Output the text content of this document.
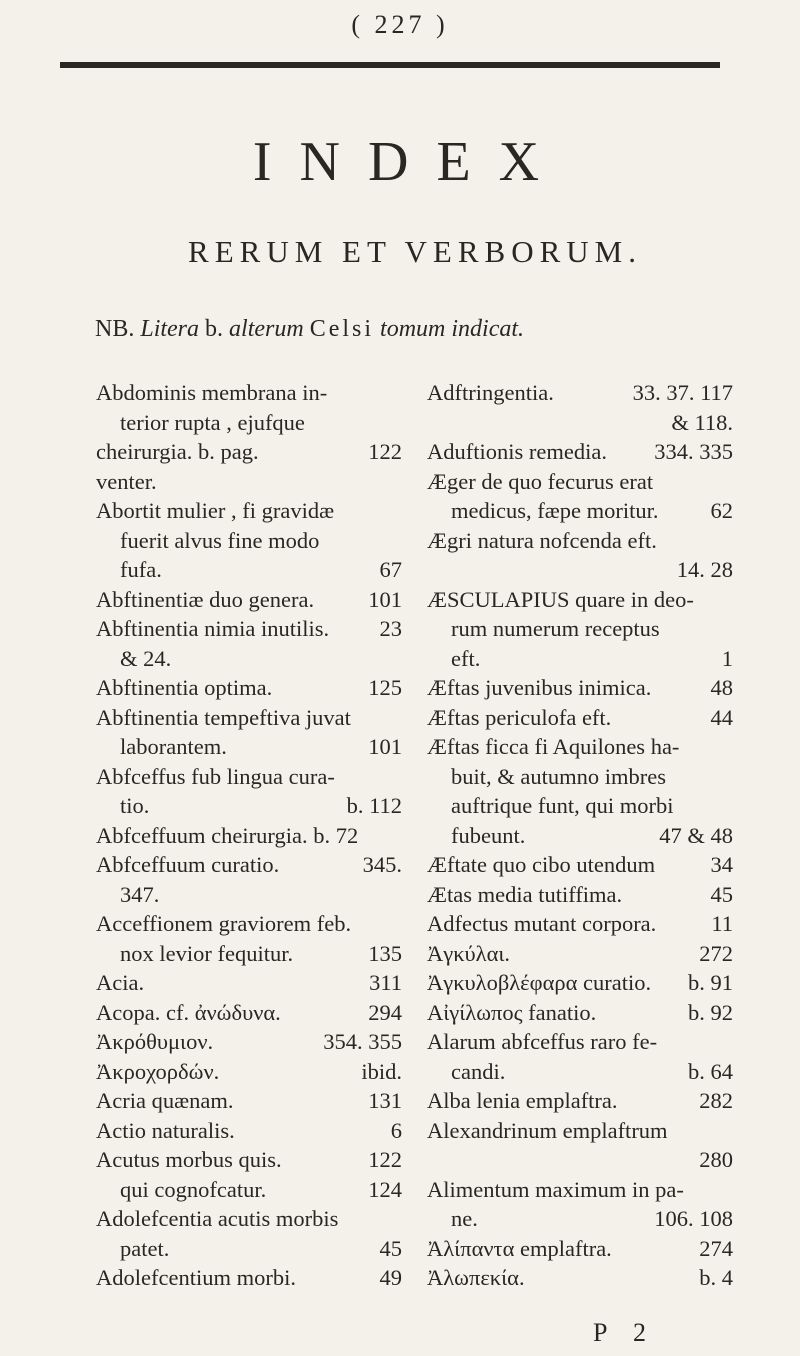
( 227 )
INDEX
RERUM ET VERBORUM.
NB. Litera b. alterum Celsi tomum indicat.
Abdominis membrana in-
terior rupta , ejufque
122
cheirurgia. b. pag.
venter.
Abortit mulier , fi gravidæ
fuerit alvus fine modo
67
fufa.
101
Abftinentiæ duo genera.
23
Abftinentia nimia inutilis.
& 24.
125
Abftinentia optima.
Abftinentia tempeftiva juvat
101
laborantem.
Abfceffus fub lingua cura-
b. 112
tio.
Abfceffuum cheirurgia. b. 72
345.
Abfceffuum curatio.
347.
Acceffionem graviorem feb.
135
nox levior fequitur.
311
Acia.
294
Acopa. cf. ἀνώδυνα.
354. 355
Ἀκρόθυμιον.
ibid.
Ἀκροχορδών.
131
Acria quænam.
6
Actio naturalis.
122
Acutus morbus quis.
124
qui cognofcatur.
Adolefcentia acutis morbis
45
patet.
49
Adolefcentium morbi.
33. 37. 117
Adftringentia.
& 118.
334. 335
Aduftionis remedia.
Æger de quo fecurus erat
62
medicus, fæpe moritur.
Ægri natura nofcenda eft.
14. 28
ÆSCULAPIUS quare in deo-
rum numerum receptus
1
eft.
48
Æftas juvenibus inimica.
44
Æftas periculofa eft.
Æftas ficca fi Aquilones ha-
buit, & autumno imbres
auftrique funt, qui morbi
47 & 48
fubeunt.
34
Æftate quo cibo utendum
45
Ætas media tutiffima.
11
Adfectus mutant corpora.
272
Ἀγκύλαι.
b. 91
Ἀγκυλοβλέφαρα curatio.
b. 92
Αἰγίλωπος fanatio.
Alarum abfceffus raro fe-
b. 64
candi.
282
Alba lenia emplaftra.
Alexandrinum emplaftrum
280
Alimentum maximum in pa-
106. 108
ne.
274
Ἀλίπαντα emplaftra.
b. 4
Ἀλωπεκία.
P 2
